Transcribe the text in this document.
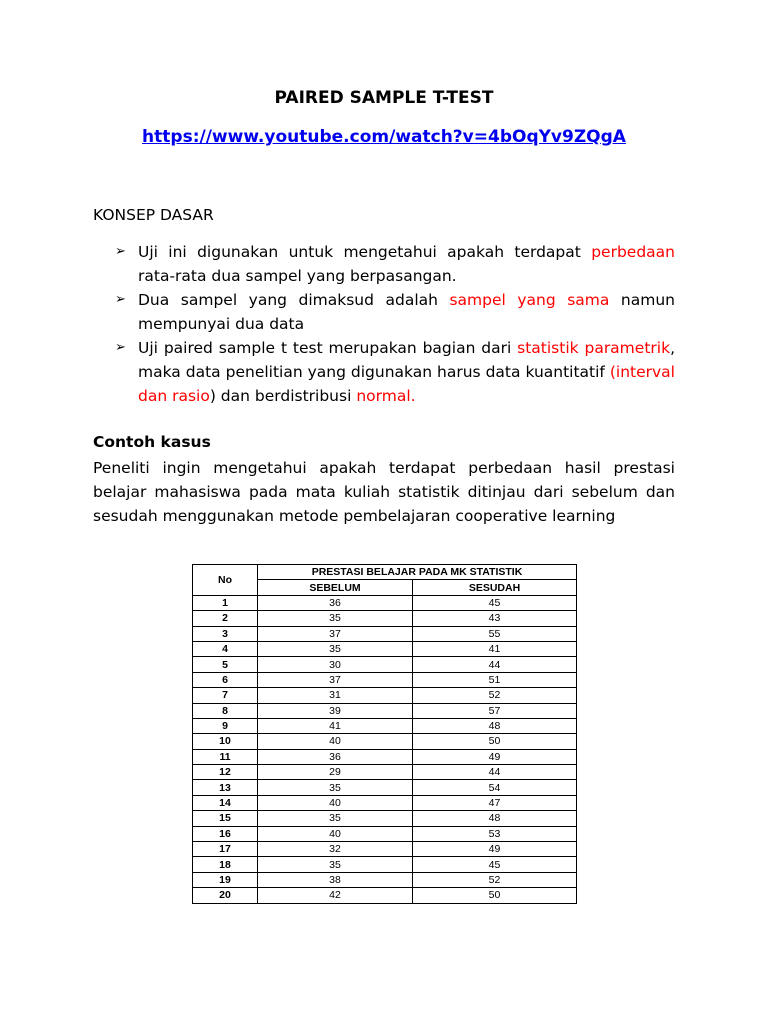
PAIRED SAMPLE T-TEST
https://www.youtube.com/watch?v=4bOqYv9ZQgA
KONSEP DASAR
➢ Uji ini digunakan untuk mengetahui apakah terdapat perbedaan rata-rata dua sampel yang berpasangan.
➢ Dua sampel yang dimaksud adalah sampel yang sama namun mempunyai dua data
➢ Uji paired sample t test merupakan bagian dari statistik parametrik, maka data penelitian yang digunakan harus data kuantitatif (interval dan rasio) dan berdistribusi normal.
Contoh kasus

Peneliti ingin mengetahui apakah terdapat perbedaan hasil prestasi belajar mahasiswa pada mata kuliah statistik ditinjau dari sebelum dan sesudah menggunakan metode pembelajaran cooperative learning

No	PRESTASI BELAJAR PADA MK STATISTIK	
	SEBELUM	SESUDAH
1	36	45
2	35	43
3	37	55
4	35	41
5	30	44
6	37	51
7	31	52
8	39	57
9	41	48
10	40	50
11	36	49
12	29	44
13	35	54
14	40	47
15	35	48
16	40	53
17	32	49
18	35	45
19	38	52
20	42	50
